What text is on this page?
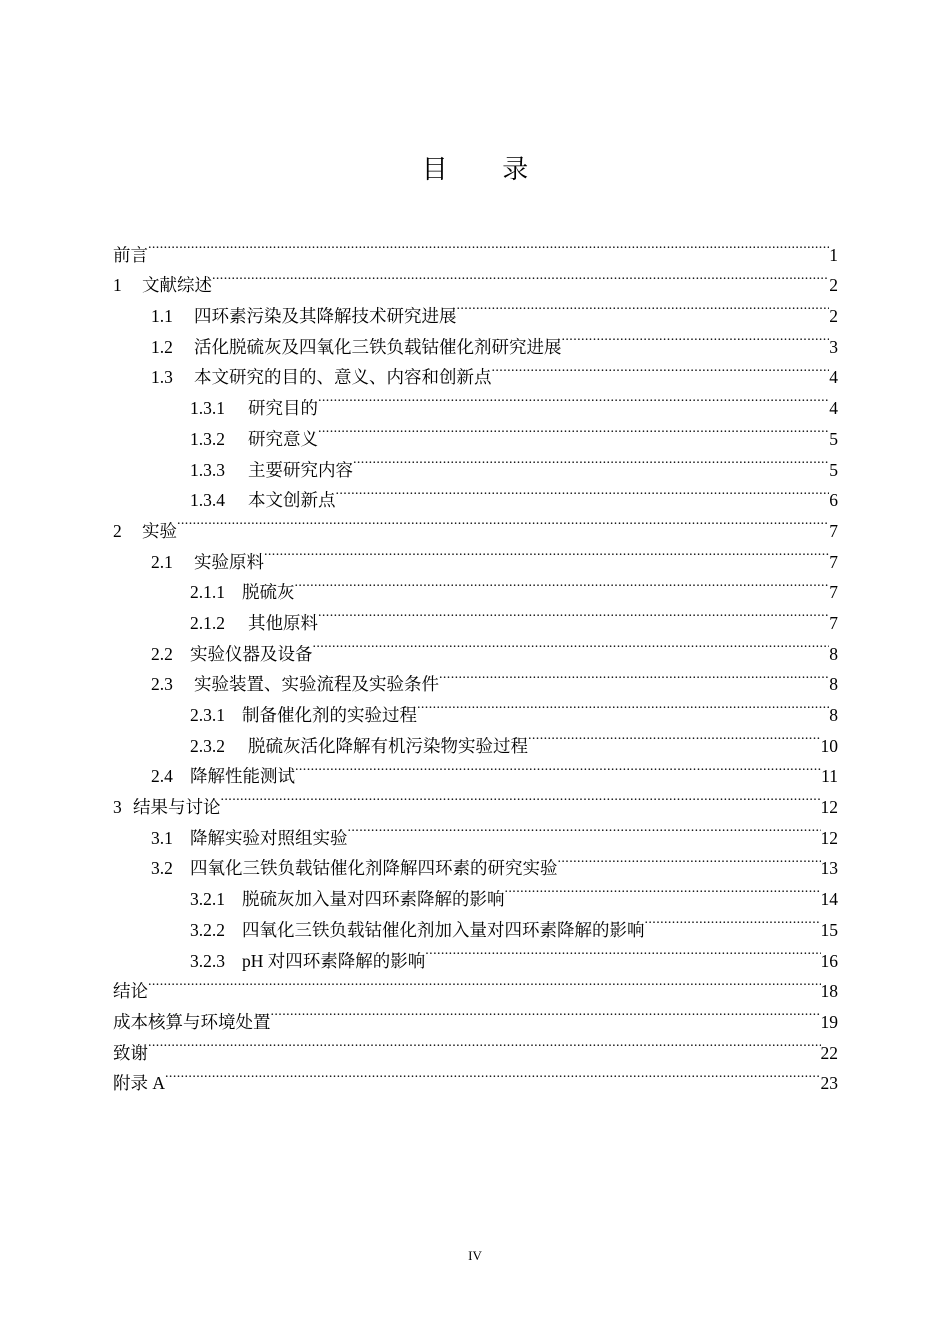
目 录
前言 .....	1
1	文献综述 .....	2
1.1	四环素污染及其降解技术研究进展 .....	2
1.2	活化脱硫灰及四氧化三铁负载钴催化剂研究进展 .....	3
1.3	本文研究的目的、意义、内容和创新点 .....	4
1.3.1	研究目的 .....	4
1.3.2	研究意义 .....	5
1.3.3	主要研究内容 .....	5
1.3.4	本文创新点 .....	6
2	实验 .....	7
2.1	实验原料 .....	7
2.1.1 脱硫灰 .....	7
2.1.2	其他原料 .....	7
2.2 实验仪器及设备 .....	8
2.3	实验装置、实验流程及实验条件 .....	8
2.3.1 制备催化剂的实验过程 .....	8
2.3.2	脱硫灰活化降解有机污染物实验过程 .....	10
2.4 降解性能测试 .....	11
3 结果与讨论 .....	12
3.1 降解实验对照组实验 .....	12
3.2 四氧化三铁负载钴催化剂降解四环素的研究实验 .....	13
3.2.1 脱硫灰加入量对四环素降解的影响 .....	14
3.2.2 四氧化三铁负载钴催化剂加入量对四环素降解的影响 .....	15
3.2.3 pH 对四环素降解的影响 .....	16
结论 .....	18
成本核算与环境处置 .....	19
致谢 .....	22
附录 A .....	23
IV
